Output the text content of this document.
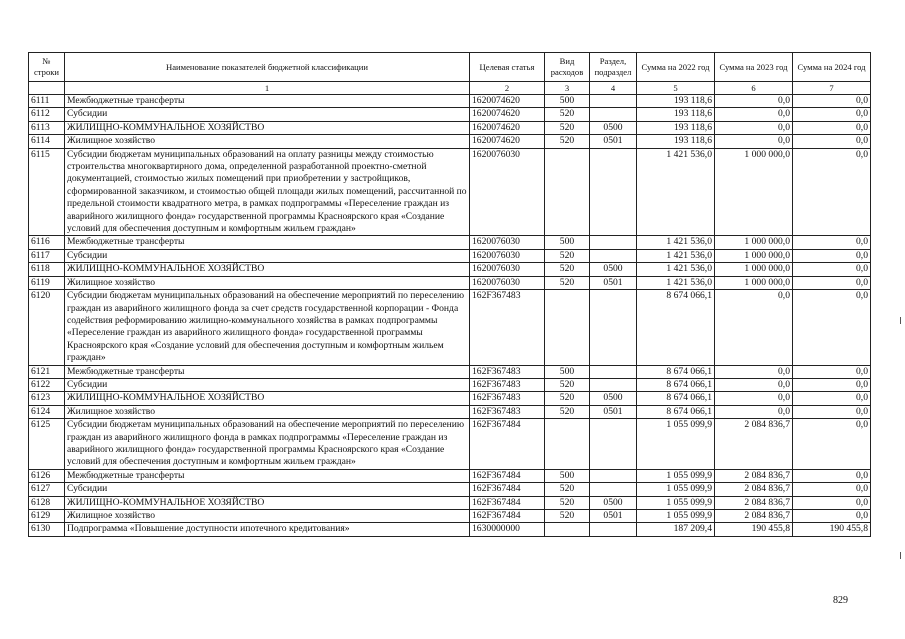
№ строки	Наименование показателей бюджетной классификации	Целевая статья	Вид расходов	Раздел, подраздел	Сумма на 2022 год	Сумма на 2023 год	Сумма на 2024 год
	1	2	3	4	5	6	7
6111	Межбюджетные трансферты	1620074620	500		193 118,6	0,0	0,0
6112	Субсидии	1620074620	520		193 118,6	0,0	0,0
6113	ЖИЛИЩНО-КОММУНАЛЬНОЕ ХОЗЯЙСТВО	1620074620	520	0500	193 118,6	0,0	0,0
6114	Жилищное хозяйство	1620074620	520	0501	193 118,6	0,0	0,0
6115	Субсидии бюджетам муниципальных образований на оплату разницы между стоимостью строительства многоквартирного дома, определенной разработанной проектно-сметной документацией, стоимостью жилых помещений при приобретении у застройщиков, сформированной заказчиком, и стоимостью общей площади жилых помещений, рассчитанной по предельной стоимости квадратного метра, в рамках подпрограммы «Переселение граждан из аварийного жилищного фонда» государственной программы Красноярского края «Создание условий для обеспечения доступным и комфортным жильем граждан»	1620076030			1 421 536,0	1 000 000,0	0,0
6116	Межбюджетные трансферты	1620076030	500		1 421 536,0	1 000 000,0	0,0
6117	Субсидии	1620076030	520		1 421 536,0	1 000 000,0	0,0
6118	ЖИЛИЩНО-КОММУНАЛЬНОЕ ХОЗЯЙСТВО	1620076030	520	0500	1 421 536,0	1 000 000,0	0,0
6119	Жилищное хозяйство	1620076030	520	0501	1 421 536,0	1 000 000,0	0,0
6120	Субсидии бюджетам муниципальных образований на обеспечение мероприятий по переселению граждан из аварийного жилищного фонда за счет средств государственной корпорации - Фонда содействия реформированию жилищно-коммунального хозяйства в рамках подпрограммы «Переселение граждан из аварийного жилищного фонда» государственной программы Красноярского края «Создание условий для обеспечения доступным и комфортным жильем граждан»	162F367483			8 674 066,1	0,0	0,0
6121	Межбюджетные трансферты	162F367483	500		8 674 066,1	0,0	0,0
6122	Субсидии	162F367483	520		8 674 066,1	0,0	0,0
6123	ЖИЛИЩНО-КОММУНАЛЬНОЕ ХОЗЯЙСТВО	162F367483	520	0500	8 674 066,1	0,0	0,0
6124	Жилищное хозяйство	162F367483	520	0501	8 674 066,1	0,0	0,0
6125	Субсидии бюджетам муниципальных образований на обеспечение мероприятий по переселению граждан из аварийного жилищного фонда в рамках подпрограммы «Переселение граждан из аварийного жилищного фонда» государственной программы Красноярского края «Создание условий для обеспечения доступным и комфортным жильем граждан»	162F367484			1 055 099,9	2 084 836,7	0,0
6126	Межбюджетные трансферты	162F367484	500		1 055 099,9	2 084 836,7	0,0
6127	Субсидии	162F367484	520		1 055 099,9	2 084 836,7	0,0
6128	ЖИЛИЩНО-КОММУНАЛЬНОЕ ХОЗЯЙСТВО	162F367484	520	0500	1 055 099,9	2 084 836,7	0,0
6129	Жилищное хозяйство	162F367484	520	0501	1 055 099,9	2 084 836,7	0,0
6130	Подпрограмма «Повышение доступности ипотечного кредитования»	1630000000			187 209,4	190 455,8	190 455,8
829
